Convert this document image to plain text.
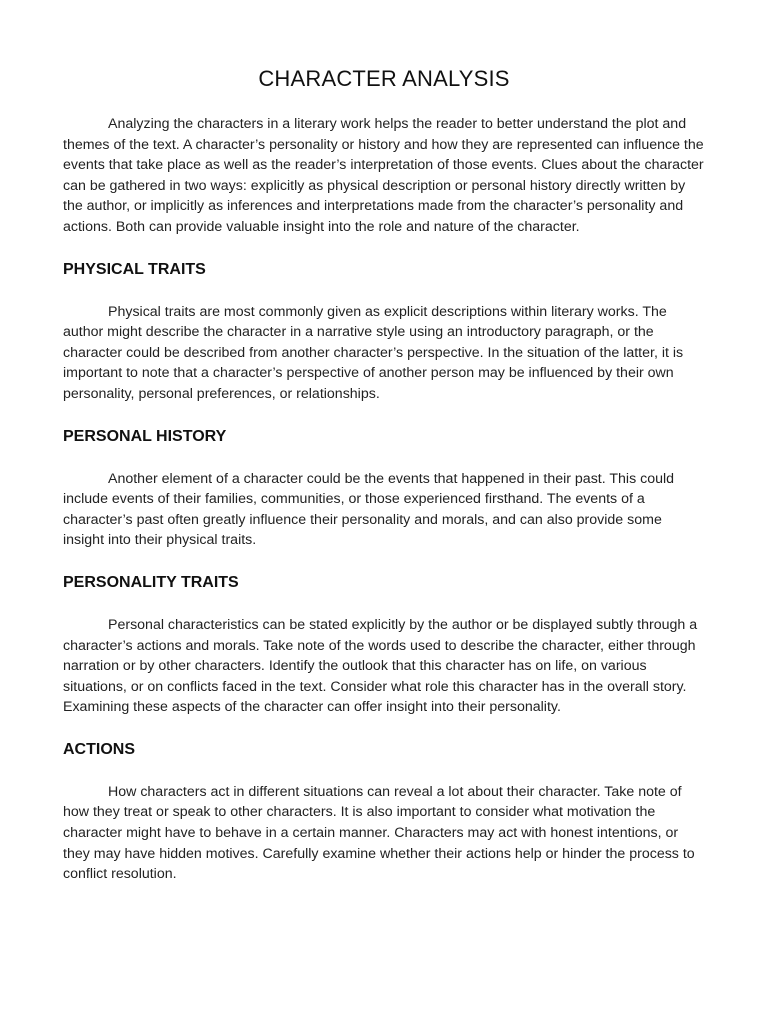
CHARACTER ANALYSIS

Analyzing the characters in a literary work helps the reader to better understand the plot and themes of the text. A character’s personality or history and how they are represented can influence the events that take place as well as the reader’s interpretation of those events. Clues about the character can be gathered in two ways: explicitly as physical description or personal history directly written by the author, or implicitly as inferences and interpretations made from the character’s personality and actions. Both can provide valuable insight into the role and nature of the character.

PHYSICAL TRAITS

Physical traits are most commonly given as explicit descriptions within literary works. The author might describe the character in a narrative style using an introductory paragraph, or the character could be described from another character’s perspective. In the situation of the latter, it is important to note that a character’s perspective of another person may be influenced by their own personality, personal preferences, or relationships.

PERSONAL HISTORY

Another element of a character could be the events that happened in their past. This could include events of their families, communities, or those experienced firsthand. The events of a character’s past often greatly influence their personality and morals, and can also provide some insight into their physical traits.

PERSONALITY TRAITS

Personal characteristics can be stated explicitly by the author or be displayed subtly through a character’s actions and morals. Take note of the words used to describe the character, either through narration or by other characters. Identify the outlook that this character has on life, on various situations, or on conflicts faced in the text. Consider what role this character has in the overall story. Examining these aspects of the character can offer insight into their personality.

ACTIONS

How characters act in different situations can reveal a lot about their character. Take note of how they treat or speak to other characters. It is also important to consider what motivation the character might have to behave in a certain manner. Characters may act with honest intentions, or they may have hidden motives. Carefully examine whether their actions help or hinder the process to conflict resolution.
